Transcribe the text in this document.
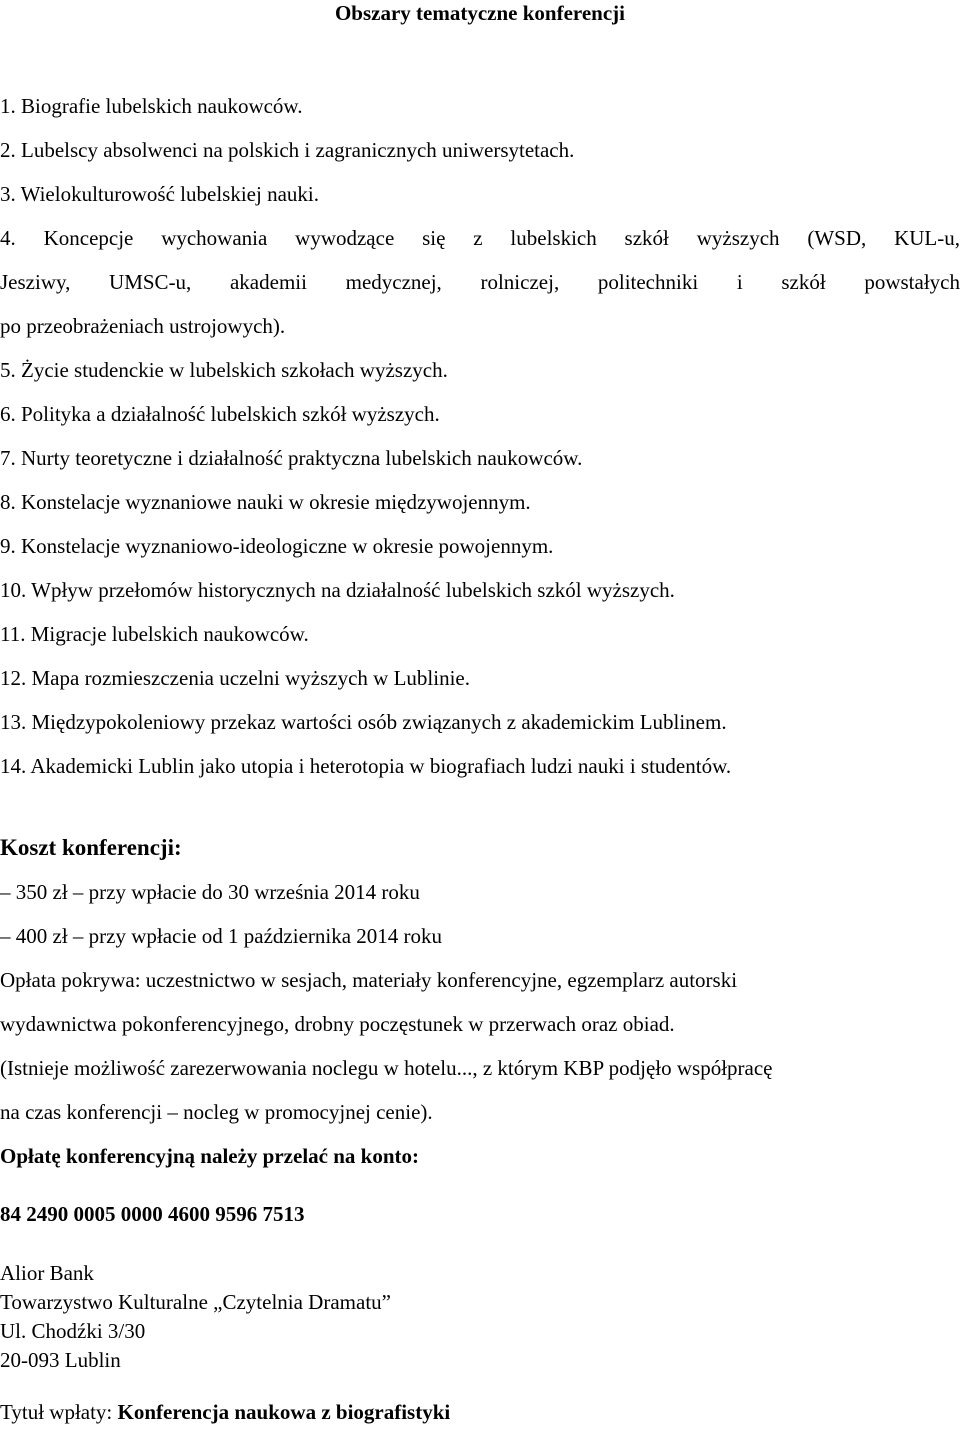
Obszary tematyczne konferencji
1. Biografie lubelskich naukowców.
2. Lubelscy absolwenci na polskich i zagranicznych uniwersytetach.
3. Wielokulturowość lubelskiej nauki.
4. Koncepcje wychowania wywodzące się z lubelskich szkół wyższych (WSD, KUL-u,
Jesziwy, UMSC-u, akademii medycznej, rolniczej, politechniki i szkół powstałych
po przeobrażeniach ustrojowych).
5. Życie studenckie w lubelskich szkołach wyższych.
6. Polityka a działalność lubelskich szkół wyższych.
7. Nurty teoretyczne i działalność praktyczna lubelskich naukowców.
8. Konstelacje wyznaniowe nauki w okresie międzywojennym.
9. Konstelacje wyznaniowo-ideologiczne w okresie powojennym.
10. Wpływ przełomów historycznych na działalność lubelskich szkól wyższych.
11. Migracje lubelskich naukowców.
12. Mapa rozmieszczenia uczelni wyższych w Lublinie.
13. Międzypokoleniowy przekaz wartości osób związanych z akademickim Lublinem.
14. Akademicki Lublin jako utopia i heterotopia w biografiach ludzi nauki i studentów.
Koszt konferencji:
– 350 zł – przy wpłacie do 30 września 2014 roku
– 400 zł – przy wpłacie od 1 października 2014 roku
Opłata pokrywa: uczestnictwo w sesjach, materiały konferencyjne, egzemplarz autorski
wydawnictwa pokonferencyjnego, drobny poczęstunek w przerwach oraz obiad.
(Istnieje możliwość zarezerwowania noclegu w hotelu..., z którym KBP podjęło współpracę
na czas konferencji – nocleg w promocyjnej cenie).
Opłatę konferencyjną należy przelać na konto:
84 2490 0005 0000 4600 9596 7513
Alior Bank
Towarzystwo Kulturalne „Czytelnia Dramatu”
Ul. Chodźki 3/30
20-093 Lublin
Tytuł wpłaty: Konferencja naukowa z biografistyki
